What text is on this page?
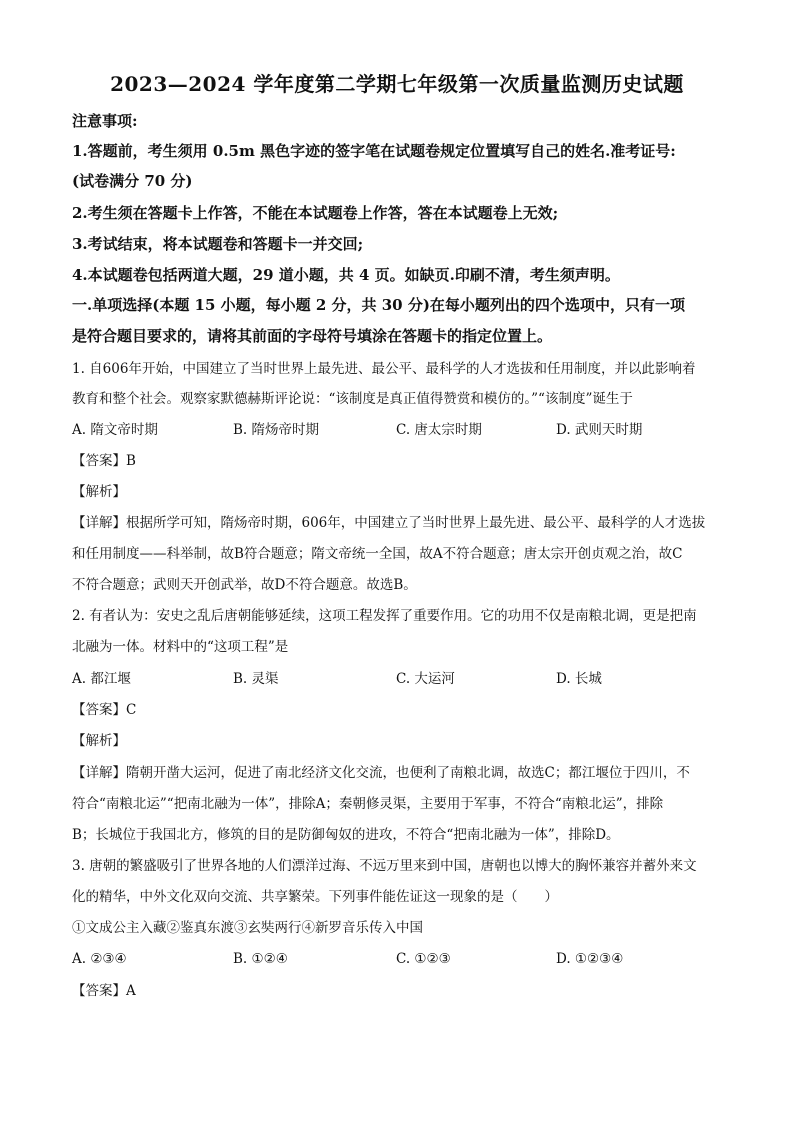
2023—2024 学年度第二学期七年级第一次质量监测历史试题
注意事项:
1.答题前，考生须用 0.5m 黑色字迹的签字笔在试题卷规定位置填写自己的姓名.准考证号:
(试卷满分 70 分)
2.考生须在答题卡上作答，不能在本试题卷上作答，答在本试题卷上无效;
3.考试结束，将本试题卷和答题卡一并交回;
4.本试题卷包括两道大题，29 道小题，共 4 页。如缺页.印刷不清，考生须声明。
一.单项选择(本题 15 小题，每小题 2 分，共 30 分)在每小题列出的四个选项中，只有一项
是符合题目要求的，请将其前面的字母符号填涂在答题卡的指定位置上。
1. 自606年开始，中国建立了当时世界上最先进、最公平、最科学的人才选拔和任用制度，并以此影响着
教育和整个社会。观察家默德赫斯评论说：“该制度是真正值得赞赏和模仿的。”“该制度”诞生于
A. 隋文帝时期	B. 隋炀帝时期	C. 唐太宗时期	D. 武则天时期
【答案】B
【解析】
【详解】根据所学可知，隋炀帝时期，606年，中国建立了当时世界上最先进、最公平、最科学的人才选拔
和任用制度——科举制，故B符合题意；隋文帝统一全国，故A不符合题意；唐太宗开创贞观之治，故C
不符合题意；武则天开创武举，故D不符合题意。故选B。
2. 有者认为：安史之乱后唐朝能够延续，这项工程发挥了重要作用。它的功用不仅是南粮北调，更是把南
北融为一体。材料中的“这项工程”是
A. 都江堰	B. 灵渠	C. 大运河	D. 长城
【答案】C
【解析】
【详解】隋朝开凿大运河，促进了南北经济文化交流，也便利了南粮北调，故选C；都江堰位于四川，不
符合“南粮北运”“把南北融为一体”，排除A；秦朝修灵渠，主要用于军事，不符合“南粮北运”，排除
B；长城位于我国北方，修筑的目的是防御匈奴的进攻，不符合“把南北融为一体”，排除D。
3. 唐朝的繁盛吸引了世界各地的人们漂洋过海、不远万里来到中国，唐朝也以博大的胸怀兼容并蓄外来文
化的精华，中外文化双向交流、共享繁荣。下列事件能佐证这一现象的是（　　）
①文成公主入藏②鉴真东渡③玄奘两行④新罗音乐传入中国
A. ②③④	B. ①②④	C. ①②③	D. ①②③④
【答案】A
